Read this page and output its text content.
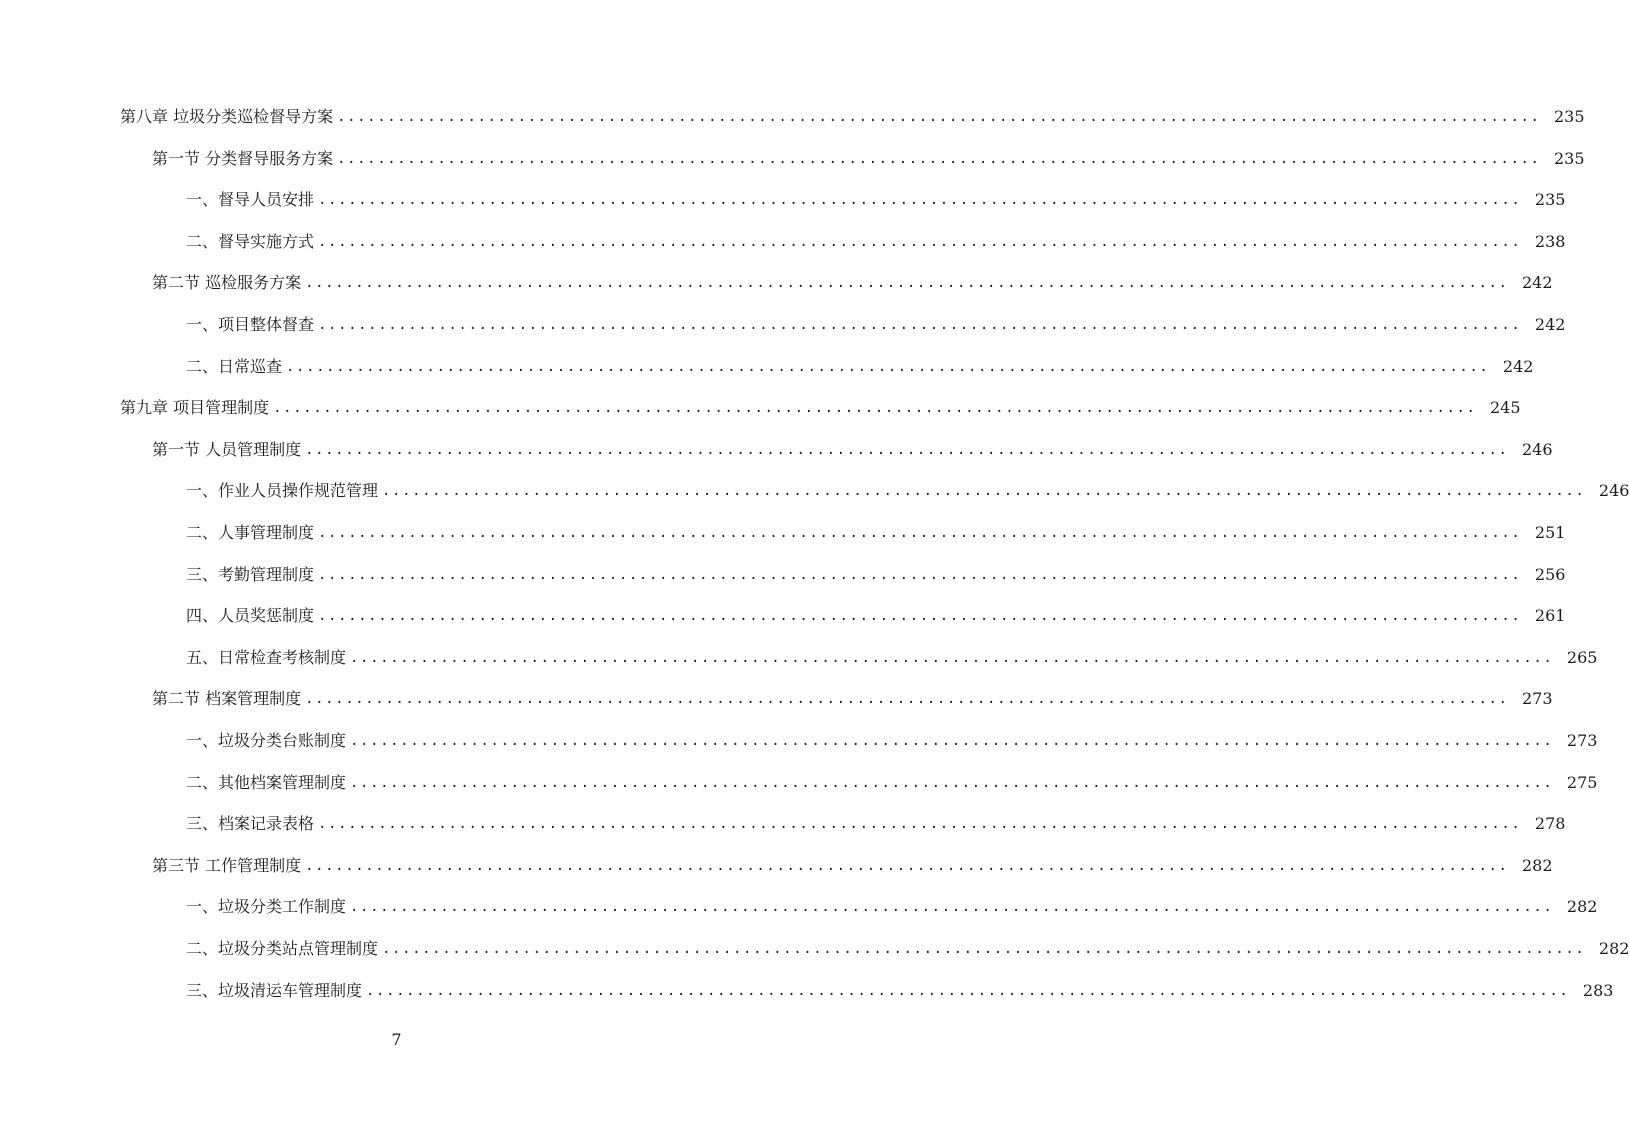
第八章 垃圾分类巡检督导方案 ........................................................................................................................ 235
第一节 分类督导服务方案 ........................................................................................................................ 235
一、督导人员安排 ........................................................................................................................ 235
二、督导实施方式 ........................................................................................................................ 238
第二节 巡检服务方案 ........................................................................................................................ 242
一、项目整体督查 ........................................................................................................................ 242
二、日常巡查 ........................................................................................................................ 242
第九章 项目管理制度 ........................................................................................................................ 245
第一节 人员管理制度 ........................................................................................................................ 246
一、作业人员操作规范管理 ........................................................................................................................ 246
二、人事管理制度 ........................................................................................................................ 251
三、考勤管理制度 ........................................................................................................................ 256
四、人员奖惩制度 ........................................................................................................................ 261
五、日常检查考核制度 ........................................................................................................................ 265
第二节 档案管理制度 ........................................................................................................................ 273
一、垃圾分类台账制度 ........................................................................................................................ 273
二、其他档案管理制度 ........................................................................................................................ 275
三、档案记录表格 ........................................................................................................................ 278
第三节 工作管理制度 ........................................................................................................................ 282
一、垃圾分类工作制度 ........................................................................................................................ 282
二、垃圾分类站点管理制度 ........................................................................................................................ 282
三、垃圾清运车管理制度 ........................................................................................................................ 283
7
